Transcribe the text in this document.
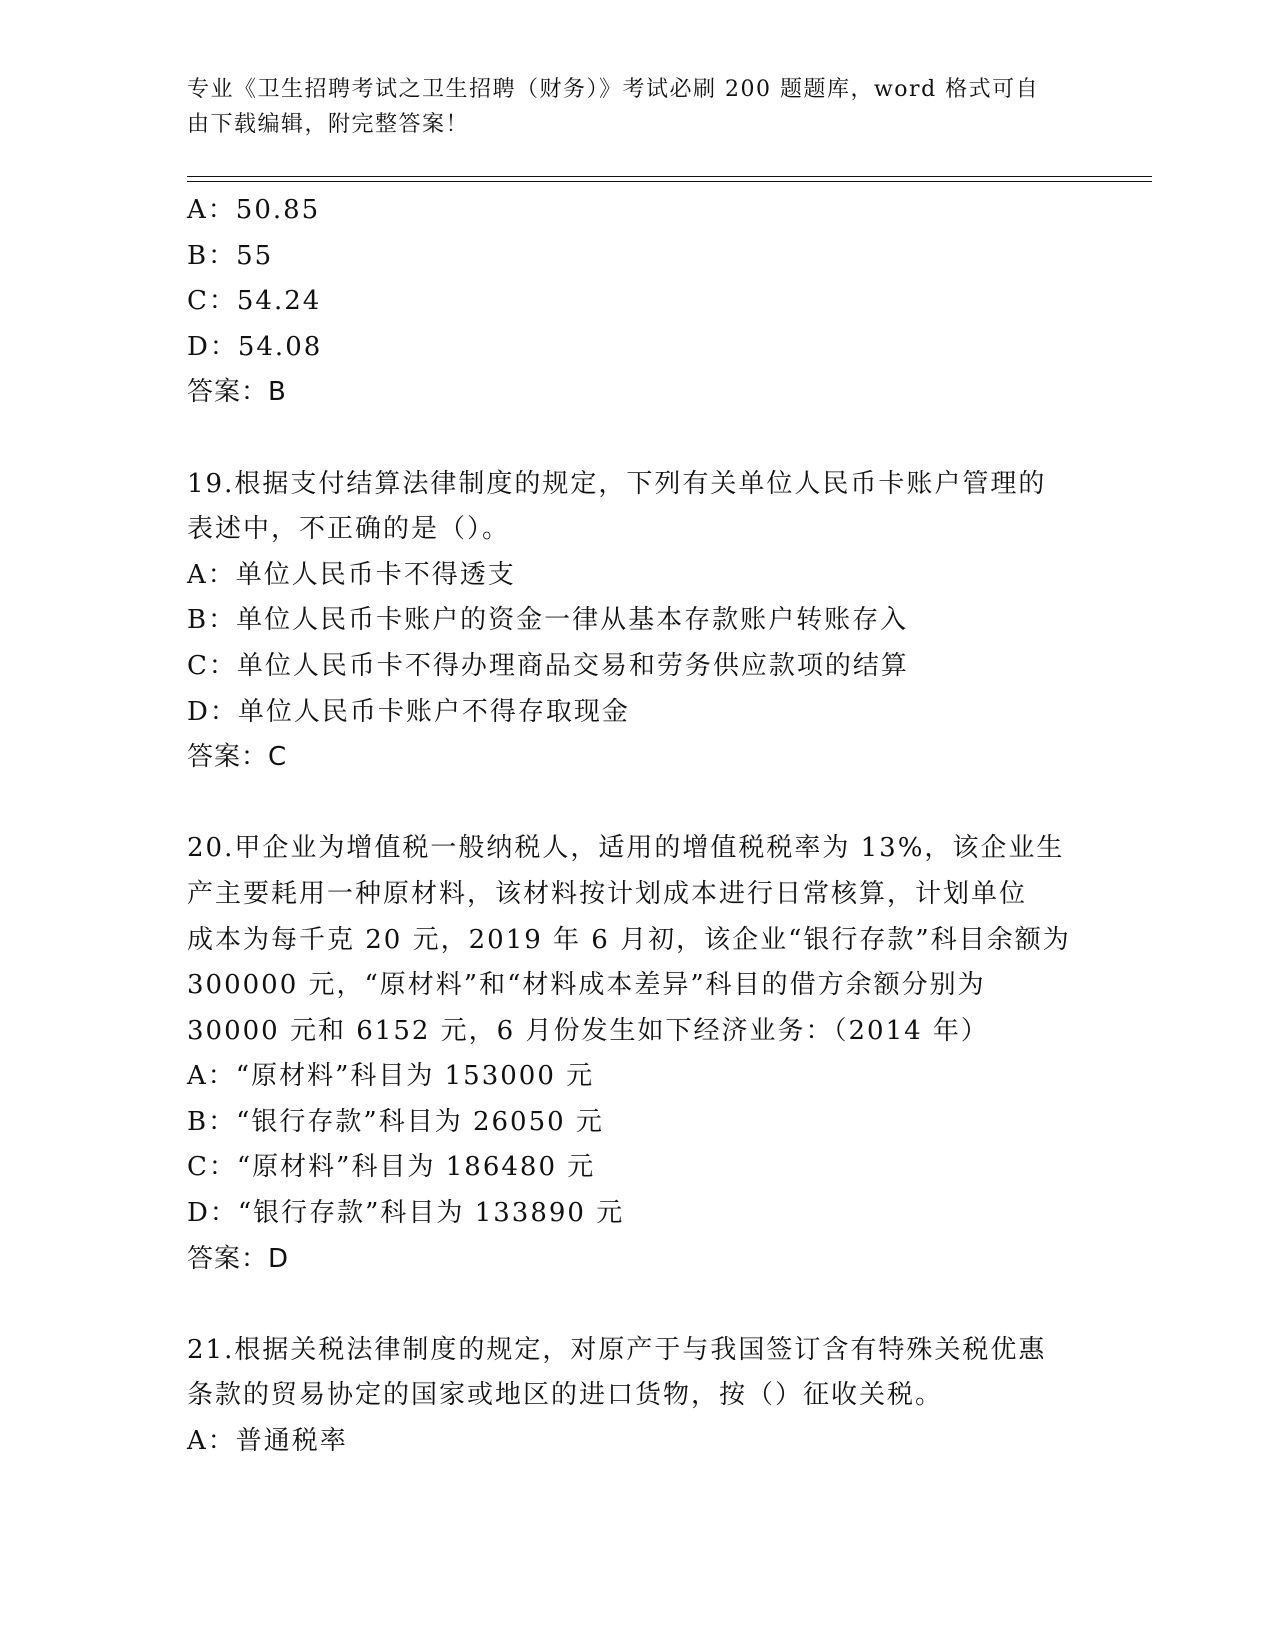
专业《卫生招聘考试之卫生招聘（财务）》考试必刷 200 题题库，word 格式可自
由下载编辑，附完整答案！
A：50.85
B：55
C：54.24
D：54.08
答案：B
19.根据支付结算法律制度的规定，下列有关单位人民币卡账户管理的
表述中，不正确的是（）。
A：单位人民币卡不得透支
B：单位人民币卡账户的资金一律从基本存款账户转账存入
C：单位人民币卡不得办理商品交易和劳务供应款项的结算
D：单位人民币卡账户不得存取现金
答案：C
20.甲企业为增值税一般纳税人，适用的增值税税率为 13%，该企业生
产主要耗用一种原材料，该材料按计划成本进行日常核算，计划单位
成本为每千克 20 元，2019 年 6 月初，该企业“银行存款”科目余额为
300000 元，“原材料”和“材料成本差异”科目的借方余额分别为
30000 元和 6152 元，6 月份发生如下经济业务：（2014 年）
A：“原材料”科目为 153000 元
B：“银行存款”科目为 26050 元
C：“原材料”科目为 186480 元
D：“银行存款”科目为 133890 元
答案：D
21.根据关税法律制度的规定，对原产于与我国签订含有特殊关税优惠
条款的贸易协定的国家或地区的进口货物，按（）征收关税。
A：普通税率
